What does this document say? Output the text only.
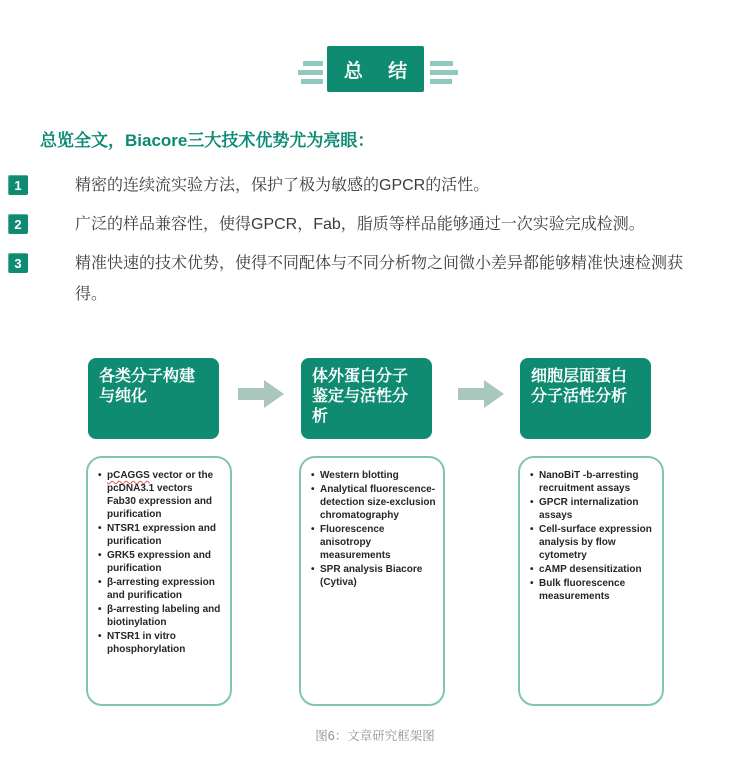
总 结
总览全文，Biacore三大技术优势尤为亮眼：
1	精密的连续流实验方法，保护了极为敏感的GPCR的活性。
2	广泛的样品兼容性，使得GPCR，Fab，脂质等样品能够通过一次实验完成检测。
3	精准快速的技术优势，使得不同配体与不同分析物之间微小差异都能够精准快速检测获得。
各类分子构建与纯化
• pCAGGS vector or the pcDNA3.1 vectors
Fab30 expression and purification
• NTSR1 expression and purification
• GRK5 expression and purification
• β-arresting expression and purification
• β-arresting labeling and biotinylation
• NTSR1 in vitro phosphorylation
体外蛋白分子鉴定与活性分析
• Western blotting
• Analytical fluorescence-detection size-exclusion chromatography
• Fluorescence anisotropy measurements
• SPR analysis Biacore (Cytiva)
细胞层面蛋白分子活性分析
• NanoBiT -b-arresting recruitment assays
• GPCR internalization assays
• Cell-surface expression analysis by flow cytometry
• cAMP desensitization
• Bulk fluorescence measurements
图6：文章研究框架图
